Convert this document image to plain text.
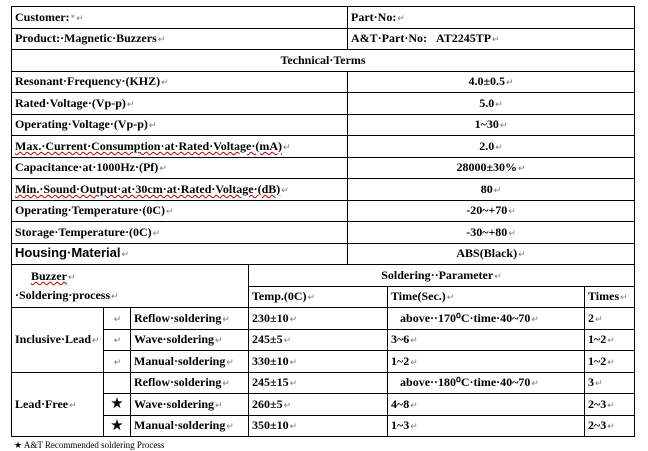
Customer:*↵				Part·No:↵		
Product:·Magnetic·Buzzers↵				A&T·Part·No: AT2245TP↵		
Technical·Terms						
Resonant·Frequency·(KHZ)↵				4.0±0.5↵		
Rated·Voltage·(Vp-p)↵				5.0↵		
Operating·Voltage·(Vp-p)↵				1~30↵		
Max.·Current·Consumption·at·Rated·Voltage·(mA)↵				2.0↵		
Capacitance·at·1000Hz·(Pf)↵				28000±30%↵		
Min.·Sound·Output·at·30cm·at·Rated·Voltage·(dB)↵				80↵		
Operating·Temperature·(0C)↵				-20~+70↵		
Storage·Temperature·(0C)↵				-30~+80↵		
Housing·Material↵				ABS(Black)↵		

Buzzer↵
·Soldering·process↵			Soldering··Parameter↵			
			Temp.(0C)↵		Time(Sec.)↵	Times↵
Inclusive·Lead↵	↵	Reflow·soldering↵	230±10↵		above··170⁰C·time·40~70↵	2↵
	↵	Wave·soldering↵	245±5↵		3~6↵	1~2↵
	↵	Manual·soldering↵	330±10↵		1~2↵	1~2↵
Lead·Free↵		Reflow·soldering↵	245±15↵		above··180⁰C·time·40~70↵	3↵
	★	Wave·soldering↵	260±5↵		4~8↵	2~3↵
	★	Manual·soldering↵	350±10↵		1~3↵	2~3↵
★ A&T Recommended soldering Process
